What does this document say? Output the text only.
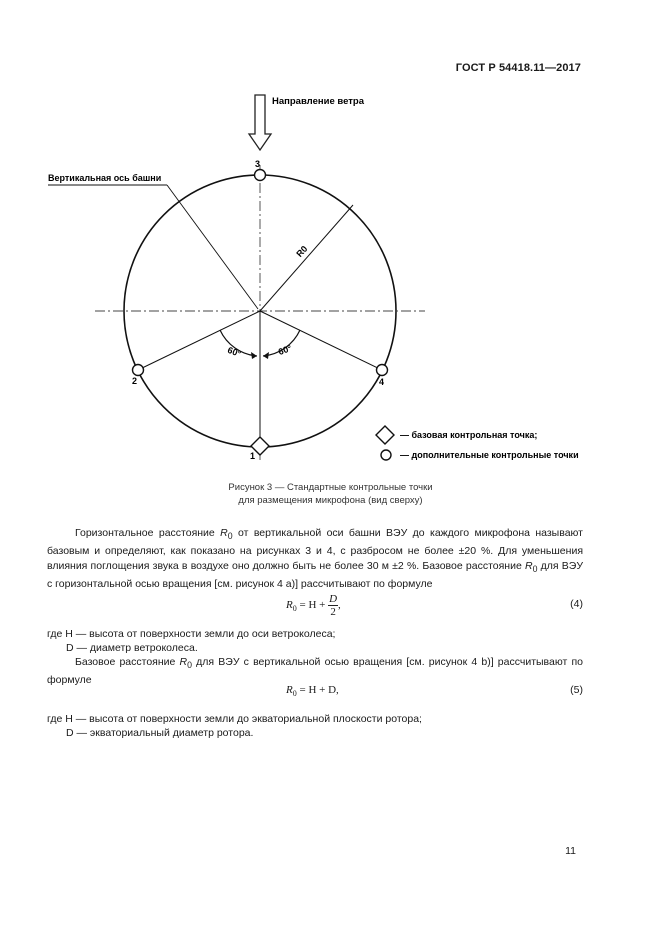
ГОСТ Р 54418.11—2017
Направление ветра
Вертикальная ось башни
R0
60°	60°
3
2	4
1
— базовая контрольная точка;
— дополнительные контрольные точки
Рисунок 3 — Стандартные контрольные точки
для размещения микрофона (вид сверху)
Горизонтальное расстояние $R_0$ от вертикальной оси башни ВЭУ до каждого микрофона называют базовым и определяют, как показано на рисунках 3 и 4, с разбросом не более ±20 %. Для уменьшения влияния поглощения звука в воздухе оно должно быть не более 30 м ±2 %. Базовое расстояние $R_0$ для ВЭУ с горизонтальной осью вращения [см. рисунок 4 а)] рассчитывают по формуле
$R_0 = H + \frac{D}{2}$ ,	(4)
где H — высота от поверхности земли до оси ветроколеса;
D — диаметр ветроколеса.
Базовое расстояние $R_0$ для ВЭУ с вертикальной осью вращения [см. рисунок 4 b)] рассчитывают по формуле
$R_0 = H + D$,	(5)
где H — высота от поверхности земли до экваториальной плоскости ротора;
D — экваториальный диаметр ротора.
11
